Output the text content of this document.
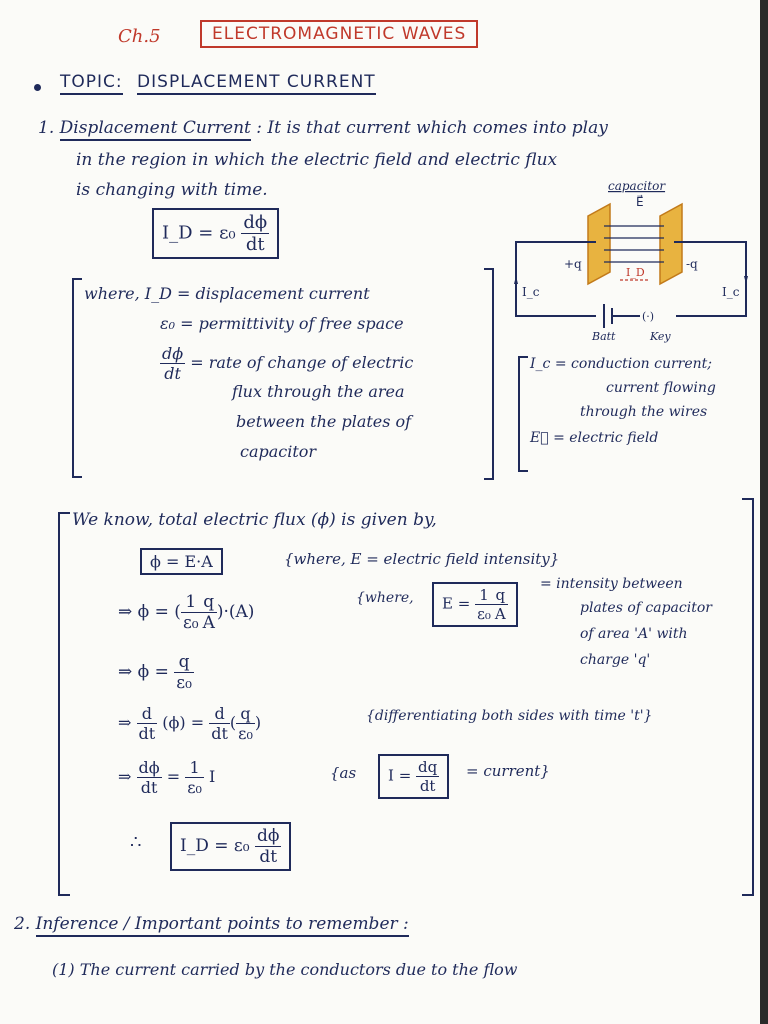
Ch.5	ELECTROMAGNETIC WAVES
TOPIC: DISPLACEMENT CURRENT
1. Displacement Current : It is that current which comes into play
in the region in which the electric field and electric flux
is changing with time.
I_D = $\varepsilon_0 \frac{d\phi}{dt}$
where, I_D = displacement current
ε₀ = permittivity of free space
$\frac{d\phi}{dt}$ = rate of change of electric
flux through the area
between the plates of
capacitor
capacitor
E⃗
+q	-q
I_D
I_c	I_c
(·)
Batt	Key
I_c = conduction current;
current flowing
through the wires
E⃗ = electric field
We know, total electric flux (ϕ) is given by,
ϕ = E·A	{where, E = electric field intensity}
⇒ ϕ = ( $\frac{1}{\text{ε₀}} \frac{q}{A} )\cdot(A)$
{where,	$E = \frac{1}{\text{ε₀}} \frac{q}{A}$
= intensity between
plates of capacitor
of area 'A' with
charge 'q'
⇒ $\phi = \frac{q}{\text{ε₀}}$
⇒ $\frac{d}{dt} (\phi) = \frac{d}{dt}$ ( $\frac{q}{\text{ε₀}}$ )	{differentiating both sides with time 't'}
⇒ $\frac{d\phi}{dt} = \frac{1}{\text{ε₀}}$ I	{as	$I = \frac{dq}{dt}$ = current}
∴	I_D = $\varepsilon_0 \frac{d\phi}{dt}$
2. Inference / Important points to remember :
(1) The current carried by the conductors due to the flow
